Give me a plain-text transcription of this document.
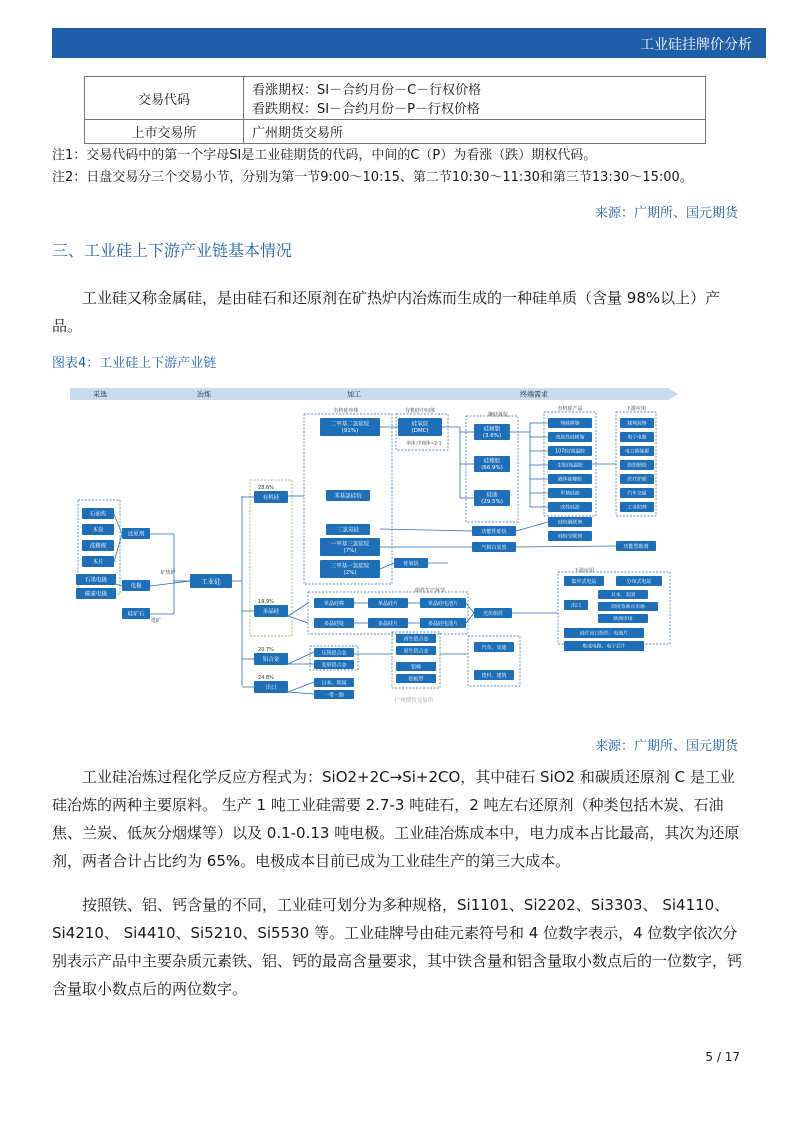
工业硅挂牌价分析
交易代码	看涨期权：SI－合约月份－C－行权价格
看跌期权：SI－合约月份－P－行权价格

上市交易所	广州期货交易所
注1：交易代码中的第一个字母SI是工业硅期货的代码，中间的C（P）为看涨（跌）期权代码。
注2：日盘交易分三个交易小节，分别为第一节9:00～10:15、第二节10:30～11:30和第三节13:30～15:00。
来源：广期所、国元期货
三、工业硅上下游产业链基本情况
工业硅又称金属硅，是由硅石和还原剂在矿热炉内冶炼而生成的一种硅单质（含量 98%以上）产品。
图表4：工业硅上下游产业链
采选	冶炼	加工	终端需求
石油焦
木炭
洗精煤
木片
石墨电极
碳素电极
还原剂
电极
硅矿石
矿热炉
选矿
工业硅
28.6%
有机硅
19.9%
多晶硅
20.7%
铝合金
24.8%
出口
有机硅单体
二甲基二氯硅烷
(91%)
苯基氯硅烷
三氯氢硅
一甲基三氯硅烷
(7%)
三甲基一氯硅烷
(2%)
有机硅中间体
硅氧烷
(DMC)
单体:中间体=2:1
聚硅氧烷
硅树脂
(3.6%)
硅橡胶
(66.9%)
硅油
(29.5%)
有机硅产品
纯硅树脂
改质性硅树脂
107胶/高温胶
生胶/高温胶
液体硅橡胶
甲基硅油
改性硅油
硅烷偶联剂
硅烷交联剂
下游应用
建筑装饰
电子电器
电力新能源
纺织制造
医疗护理
汽车交通
工业助剂
功能性硅烷
气相白炭黑
硅氧烷
功能型助剂
组件生产环节
单晶硅棒	单晶硅片	单晶硅电池片
多晶硅锭	多晶硅片	多晶硅电池片
光伏组件
下游应用
集中式电站	分布式电站
出口
日本、美国
印度等新兴市场
欧洲市场
硅片出口组件、电池片
集成电路、电子芯片
压铸铝合金
变形铝合金
再生铝合金
原生铝合金
铝棒
铝板带
汽车、交通
建材、建筑
日本、韩国
一带一路
广州期货交易所
来源：广期所、国元期货
工业硅冶炼过程化学反应方程式为：SiO2+2C→Si+2CO，其中硅石 SiO2 和碳质还原剂 C 是工业硅冶炼的两种主要原料。 生产 1 吨工业硅需要 2.7-3 吨硅石，2 吨左右还原剂（种类包括木炭、石油焦、兰炭、低灰分烟煤等）以及 0.1-0.13 吨电极。工业硅冶炼成本中，电力成本占比最高，其次为还原剂，两者合计占比约为 65%。电极成本目前已成为工业硅生产的第三大成本。
按照铁、铝、钙含量的不同，工业硅可划分为多种规格，Si1101、Si2202、Si3303、 Si4110、Si4210、 Si4410、Si5210、Si5530 等。工业硅牌号由硅元素符号和 4 位数字表示，4 位数字依次分别表示产品中主要杂质元素铁、铝、钙的最高含量要求，其中铁含量和铝含量取小数点后的一位数字，钙含量取小数点后的两位数字。
5 / 17
